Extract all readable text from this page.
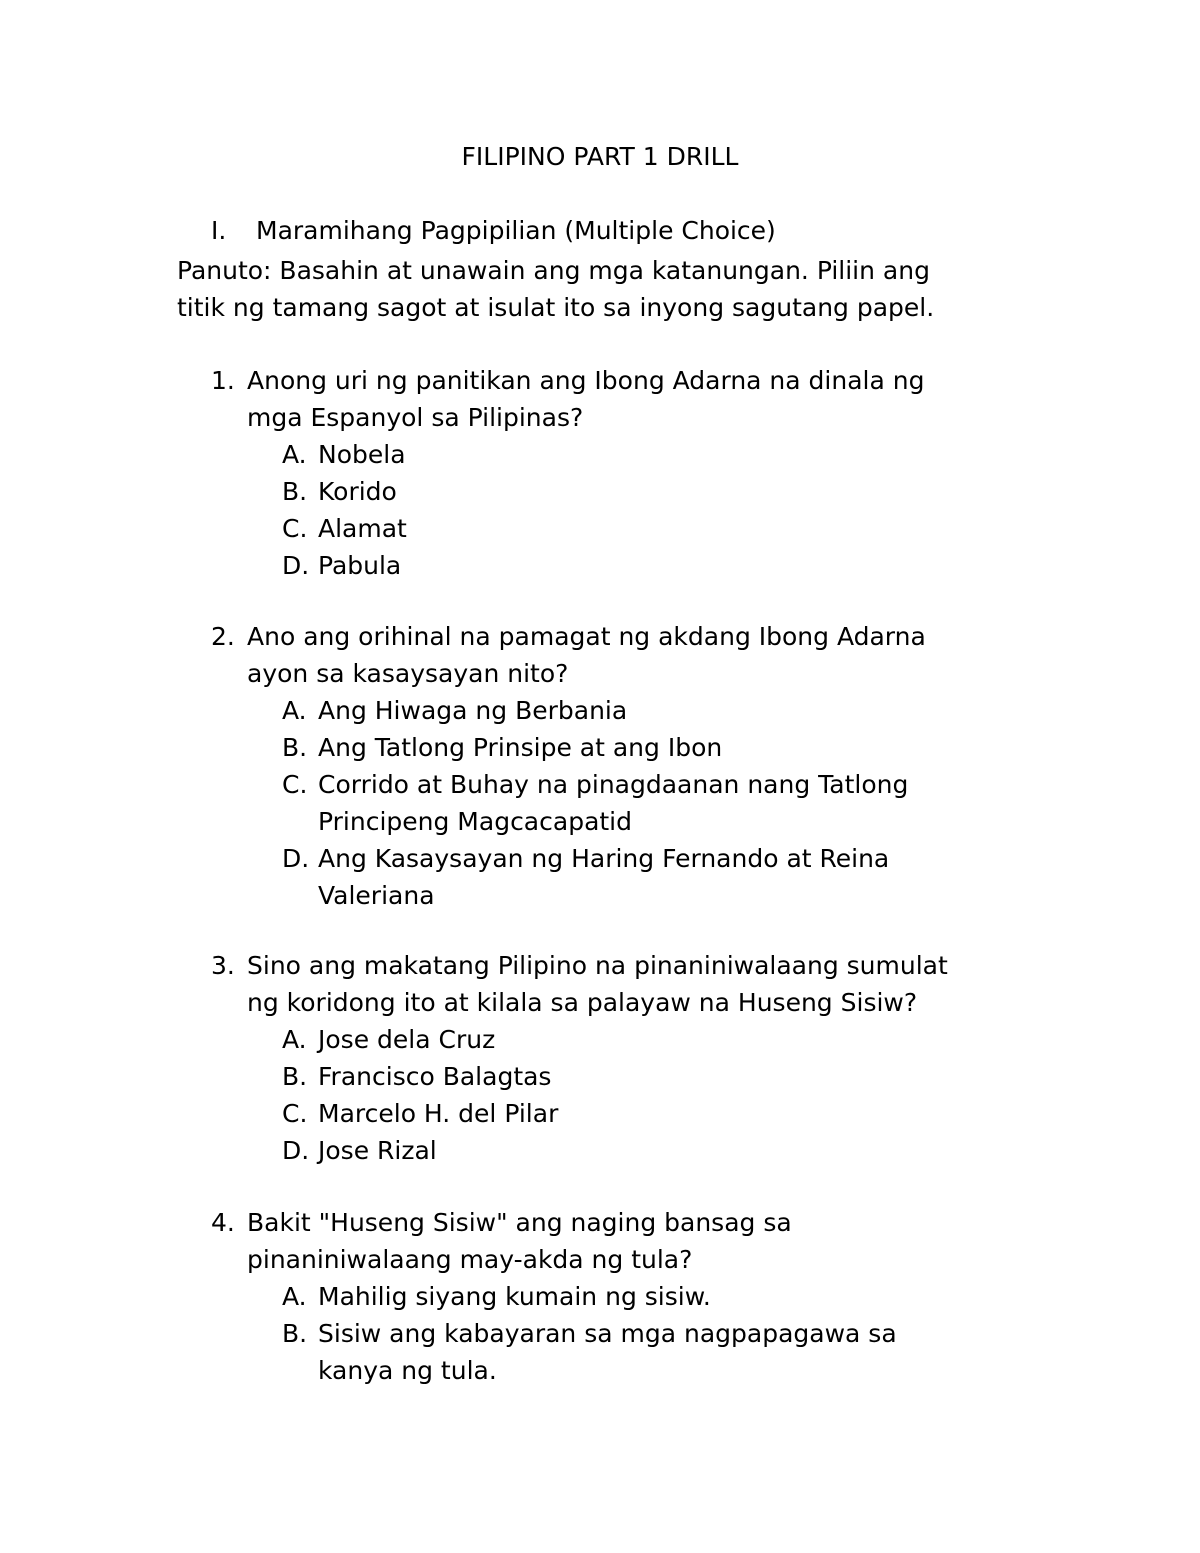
FILIPINO PART 1 DRILL
I. Maramihang Pagpipilian (Multiple Choice)
Panuto: Basahin at unawain ang mga katanungan. Piliin ang
titik ng tamang sagot at isulat ito sa inyong sagutang papel.
1. Anong uri ng panitikan ang Ibong Adarna na dinala ng
mga Espanyol sa Pilipinas?
A. Nobela
B. Korido
C. Alamat
D. Pabula
2. Ano ang orihinal na pamagat ng akdang Ibong Adarna
ayon sa kasaysayan nito?
A. Ang Hiwaga ng Berbania
B. Ang Tatlong Prinsipe at ang Ibon
C. Corrido at Buhay na pinagdaanan nang Tatlong
Principeng Magcacapatid
D. Ang Kasaysayan ng Haring Fernando at Reina
Valeriana
3. Sino ang makatang Pilipino na pinaniniwalaang sumulat
ng koridong ito at kilala sa palayaw na Huseng Sisiw?
A. Jose dela Cruz
B. Francisco Balagtas
C. Marcelo H. del Pilar
D. Jose Rizal
4. Bakit "Huseng Sisiw" ang naging bansag sa
pinaniniwalaang may-akda ng tula?
A. Mahilig siyang kumain ng sisiw.
B. Sisiw ang kabayaran sa mga nagpapagawa sa
kanya ng tula.
